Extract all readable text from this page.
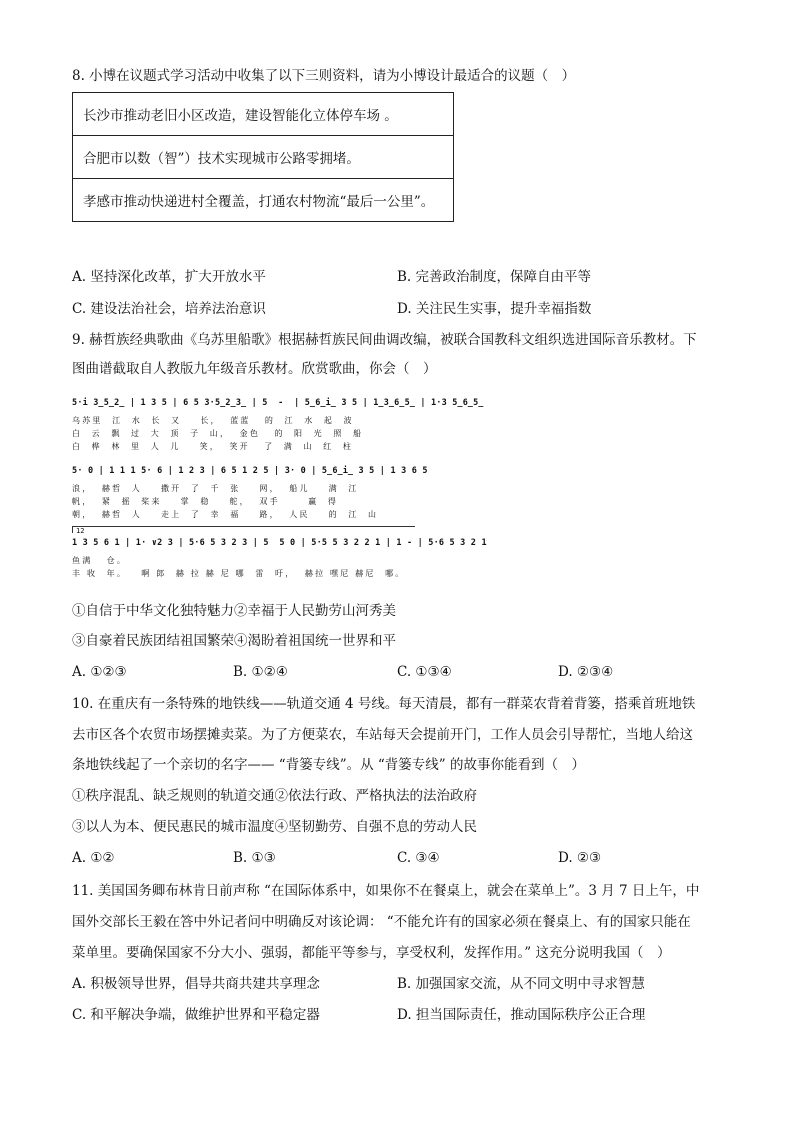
8. 小博在议题式学习活动中收集了以下三则资料，请为小博设计最适合的议题（　）
长沙市推动老旧小区改造，建设智能化立体停车场 。
合肥市以数（智”）技术实现城市公路零拥堵。
孝感市推动快递进村全覆盖，打通农村物流“最后一公里”。
A. 坚持深化改革，扩大开放水平	B. 完善政治制度，保障自由平等
C. 建设法治社会，培养法治意识	D. 关注民生实事，提升幸福指数
9. 赫哲族经典歌曲《乌苏里船歌》根据赫哲族民间曲调改编，被联合国教科文组织选进国际音乐教材。下
图曲谱截取自人教版九年级音乐教材。欣赏歌曲，你会（　）
5·i 3̲5̲2̲ | 1 3 5 | 6 5 3·5̲2̲3̲ | 5  -  | 5̲6̲i̲ 3 5 | 1̲3̲6̲5̲ | 1·3 5̲6̲5̲
乌苏里  江  水  长  又    长，  蓝蓝   的  江  水  起  波
白  云  飘  过  大  顶  子  山，  金色   的  阳  光  照  船
白  桦  林  里  人  儿    笑，  笑开   了  满  山  红  柱
5· 0 | 1 1 1 5· 6 | 1 2 3 | 6 5 1 2 5 | 3· 0 | 5̲6̲i̲ 3 5 | 1 3 6 5
浪，  赫哲  人    撒开  了  千  张    网，  船儿    满  江
帆，  紧  摇  桨来    掌  稳    舵，  双手      赢  得
朝，  赫哲  人    走上  了  幸  福    路，  人民    的  江  山
12
1 3 5 6 1 | 1· ∨2 3 | 5·6 5 3 2 3 | 5  5 0 | 5·5 5 3 2 2 1 | 1 - | 5·6 5 3 2 1
鱼满   仓。
丰 收  年。   啊 郎  赫 拉 赫 尼 哪  雷  吁，  赫拉 嘿尼 赫尼  哪。
①自信于中华文化独特魅力②幸福于人民勤劳山河秀美
③自豪着民族团结祖国繁荣④渴盼着祖国统一世界和平
A. ①②③	B. ①②④	C. ①③④	D. ②③④
10. 在重庆有一条特殊的地铁线——轨道交通 4 号线。每天清晨，都有一群菜农背着背篓，搭乘首班地铁
去市区各个农贸市场摆摊卖菜。为了方便菜农，车站每天会提前开门，工作人员会引导帮忙，当地人给这
条地铁线起了一个亲切的名字—— “背篓专线”。从 “背篓专线” 的故事你能看到（　）
①秩序混乱、缺乏规则的轨道交通②依法行政、严格执法的法治政府
③以人为本、便民惠民的城市温度④坚韧勤劳、自强不息的劳动人民
A. ①②	B. ①③	C. ③④	D. ②③
11. 美国国务卿布林肯日前声称 “在国际体系中，如果你不在餐桌上，就会在菜单上”。3 月 7 日上午，中
国外交部长王毅在答中外记者问中明确反对该论调： “不能允许有的国家必须在餐桌上、有的国家只能在
菜单里。要确保国家不分大小、强弱，都能平等参与，享受权利，发挥作用。” 这充分说明我国（　）
A. 积极领导世界，倡导共商共建共享理念	B. 加强国家交流，从不同文明中寻求智慧
C. 和平解决争端，做维护世界和平稳定器	D. 担当国际责任，推动国际秩序公正合理
